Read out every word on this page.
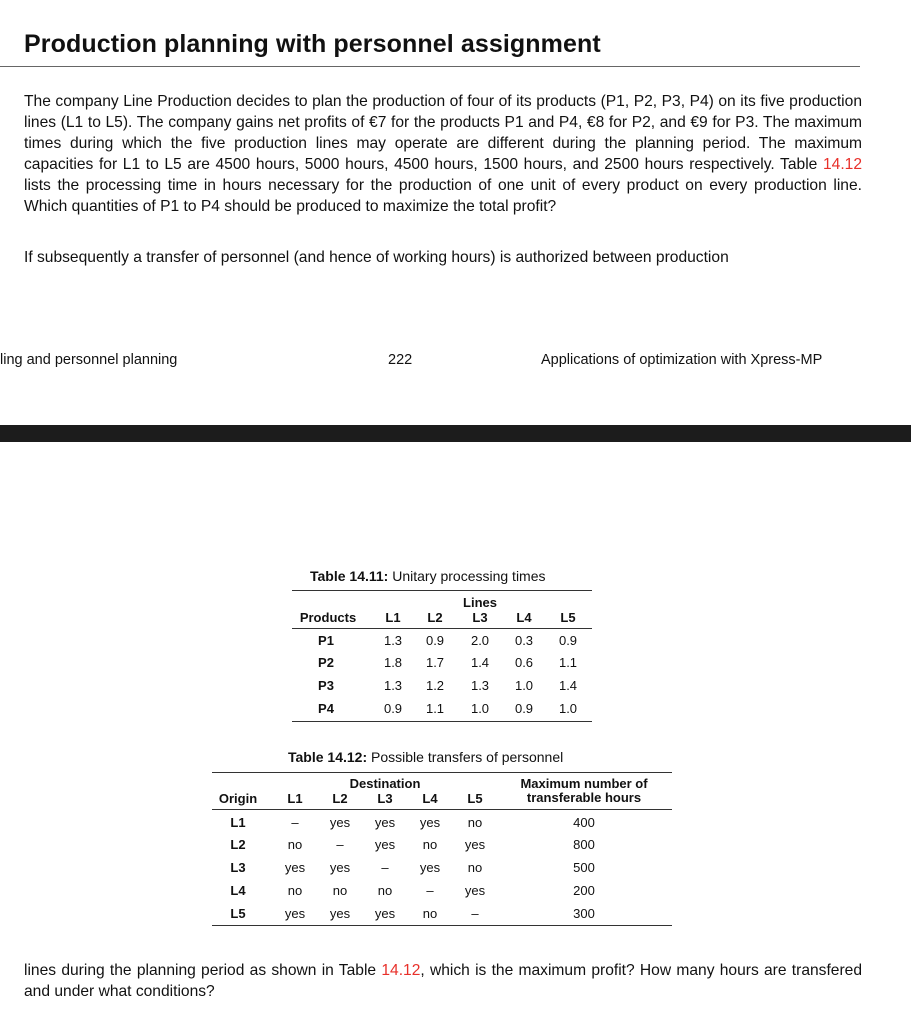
Production planning with personnel assignment

The company Line Production decides to plan the production of four of its products (P1, P2, P3, P4) on its five production lines (L1 to L5). The company gains net profits of €7 for the products P1 and P4, €8 for P2, and €9 for P3. The maximum times during which the five production lines may operate are different during the planning period. The maximum capacities for L1 to L5 are 4500 hours, 5000 hours, 4500 hours, 1500 hours, and 2500 hours respectively. Table 14.12 lists the processing time in hours necessary for the production of one unit of every product on every production line. Which quantities of P1 to P4 should be produced to maximize the total profit?

If subsequently a transfer of personnel (and hence of working hours) is authorized between production

ling and personnel planning	222	Applications of optimization with Xpress-MP
Table 14.11: Unitary processing times
Lines
Products L1 L2 L3 L4 L5
P1	1.3 0.9 2.0 0.3 0.9
P2	1.8 1.7 1.4 0.6 1.1
P3	1.3 1.2 1.3 1.0 1.4
P4	0.9 1.1 1.0 0.9 1.0
Table 14.12: Possible transfers of personnel
Destination	Maximum number of
transferable hours
Origin L1 L2 L3 L4 L5
L1	– yes yes yes no	400
L2	no	– yes no yes	800
L3	yes yes – yes no	500
L4	no no no	– yes	200
L5	yes yes yes no	–	300

lines during the planning period as shown in Table 14.12, which is the maximum profit? How many hours are transfered and under what conditions?
